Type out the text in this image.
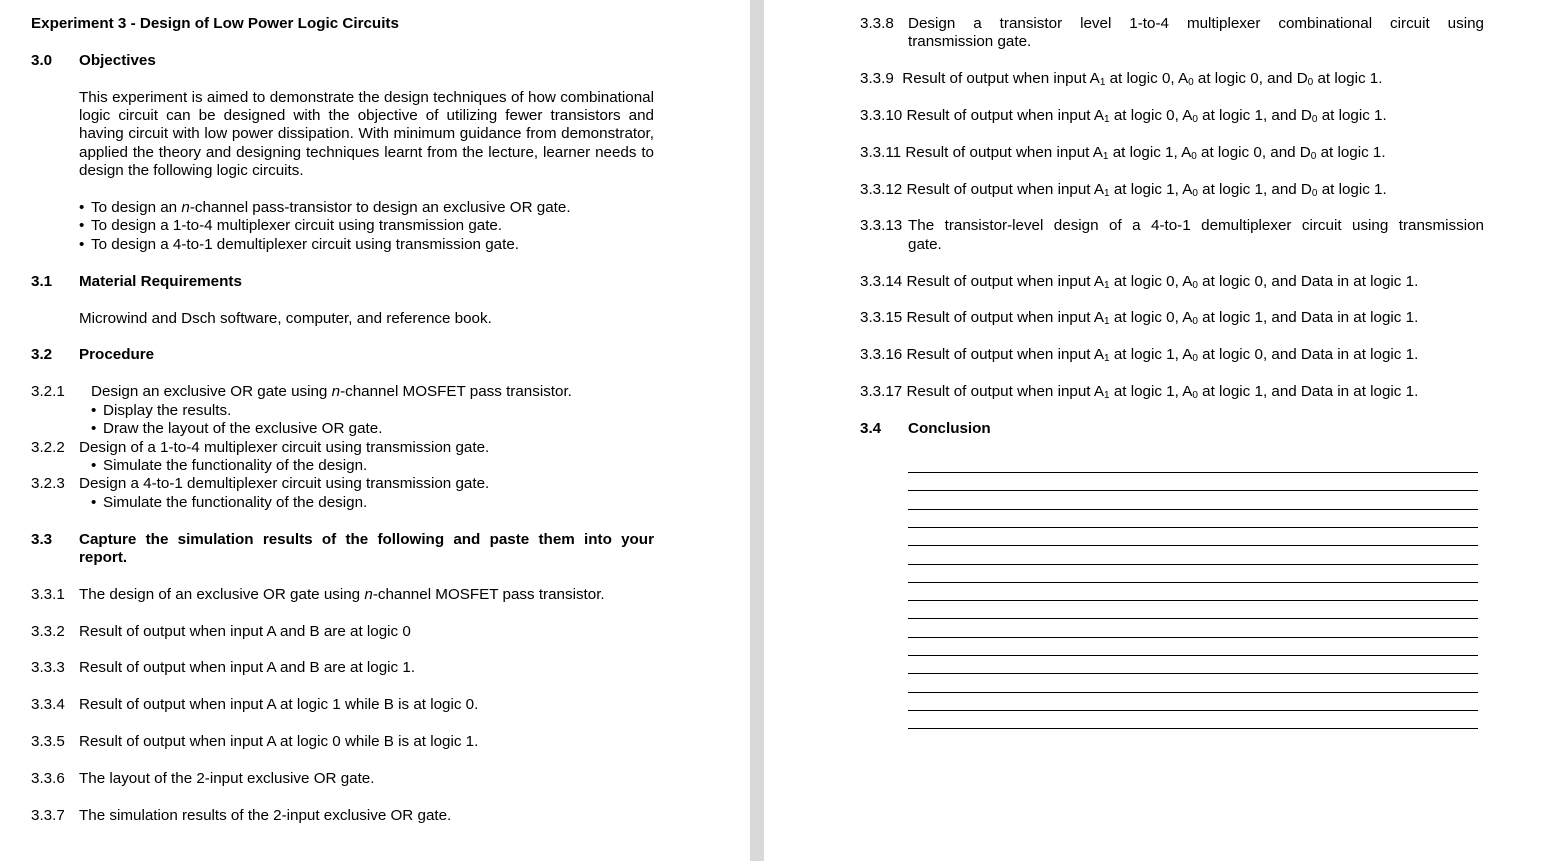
Experiment 3 - Design of Low Power Logic Circuits
3.0 Objectives
This experiment is aimed to demonstrate the design techniques of how combinational logic circuit can be designed with the objective of utilizing fewer transistors and having circuit with low power dissipation. With minimum guidance from demonstrator, applied the theory and designing techniques learnt from the lecture, learner needs to design the following logic circuits.
• To design an n-channel pass-transistor to design an exclusive OR gate.
• To design a 1-to-4 multiplexer circuit using transmission gate.
• To design a 4-to-1 demultiplexer circuit using transmission gate.
3.1 Material Requirements
Microwind and Dsch software, computer, and reference book.
3.2 Procedure
3.2.1 Design an exclusive OR gate using n-channel MOSFET pass transistor.
• Display the results.
• Draw the layout of the exclusive OR gate.
3.2.2 Design of a 1-to-4 multiplexer circuit using transmission gate.
• Simulate the functionality of the design.
3.2.3 Design a 4-to-1 demultiplexer circuit using transmission gate.
• Simulate the functionality of the design.
3.3 Capture the simulation results of the following and paste them into your
report.
3.3.1 The design of an exclusive OR gate using n-channel MOSFET pass transistor.
3.3.2 Result of output when input A and B are at logic 0
3.3.3 Result of output when input A and B are at logic 1.
3.3.4 Result of output when input A at logic 1 while B is at logic 0.
3.3.5 Result of output when input A at logic 0 while B is at logic 1.
3.3.6 The layout of the 2-input exclusive OR gate.
3.3.7 The simulation results of the 2-input exclusive OR gate.
3.3.8 Design a transistor level 1-to-4 multiplexer combinational circuit using
transmission gate.
3.3.9 Result of output when input $A_1$ at logic 0, $A_0$ at logic 0, and $D_0$ at logic 1.
3.3.10 Result of output when input $A_1$ at logic 0, $A_0$ at logic 1, and $D_0$ at logic 1.
3.3.11 Result of output when input $A_1$ at logic 1, $A_0$ at logic 0, and $D_0$ at logic 1.
3.3.12 Result of output when input $A_1$ at logic 1, $A_0$ at logic 1, and $D_0$ at logic 1.
3.3.13 The transistor-level design of a 4-to-1 demultiplexer circuit using transmission
gate.
3.3.14 Result of output when input $A_1$ at logic 0, $A_0$ at logic 0, and Data in at logic 1.
3.3.15 Result of output when input $A_1$ at logic 0, $A_0$ at logic 1, and Data in at logic 1.
3.3.16 Result of output when input $A_1$ at logic 1, $A_0$ at logic 0, and Data in at logic 1.
3.3.17 Result of output when input $A_1$ at logic 1, $A_0$ at logic 1, and Data in at logic 1.
3.4 Conclusion
